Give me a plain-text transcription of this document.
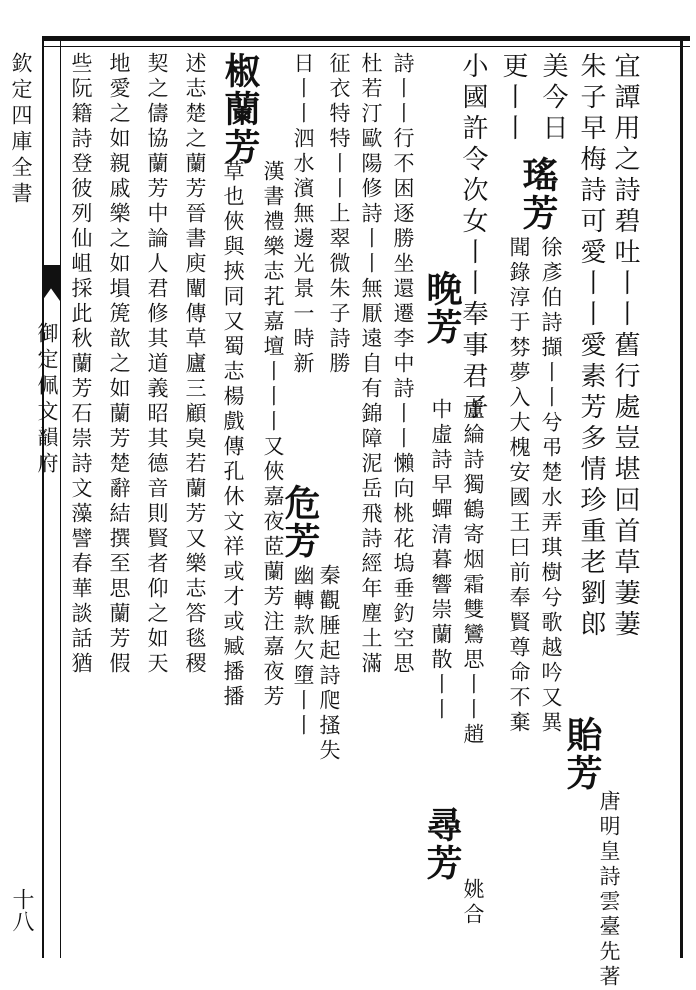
欽定四庫全書
御定佩文韻府
十八
宜譚用之詩碧吐丨丨舊行處豈堪回首草萋萋
朱子早梅詩可愛丨丨愛素芳多情珍重老劉郎
貽芳
唐明皇詩雲臺先著
美今日
瑤芳
徐彥伯詩擷丨丨兮弔楚水弄琪樹兮歌越吟又異
更丨丨
聞錄淳于棼夢入大槐安國王曰前奉賢尊命不棄
小國許令次女丨丨奉事君子
晚芳
盧綸詩獨鶴寄烟霜雙鸞思丨丨趙
中虛詩早蟬清暮響崇蘭散丨丨
尋芳
姚合
詩丨丨行不困逐勝坐還遷李中詩丨丨懶向桃花塢垂釣空思
杜若汀歐陽修詩丨丨無厭遠自有錦障泥岳飛詩經年塵土滿
征衣特特丨丨上翠微朱子詩勝
危芳
秦觀腄起詩爬搔失
日丨丨泗水濱無邊光景一時新
幽轉款欠墮丨丨
椒蘭芳
漢書禮樂志芤嘉壇丨丨丨又俠嘉夜茝蘭芳注嘉夜芳
草也俠與挾同又蜀志楊戲傳孔休文祥或才或臧播播
述志楚之蘭芳晉書庾闡傳草廬三顧臭若蘭芳又樂志答毯稷
契之儔協蘭芳中論人君修其道義昭其德音則賢者仰之如天
地愛之如親戚樂之如塤箎歆之如蘭芳楚辭結撰至思蘭芳假
些阮籍詩登彼列仙岨採此秋蘭芳石崇詩文藻譬春華談話猶
